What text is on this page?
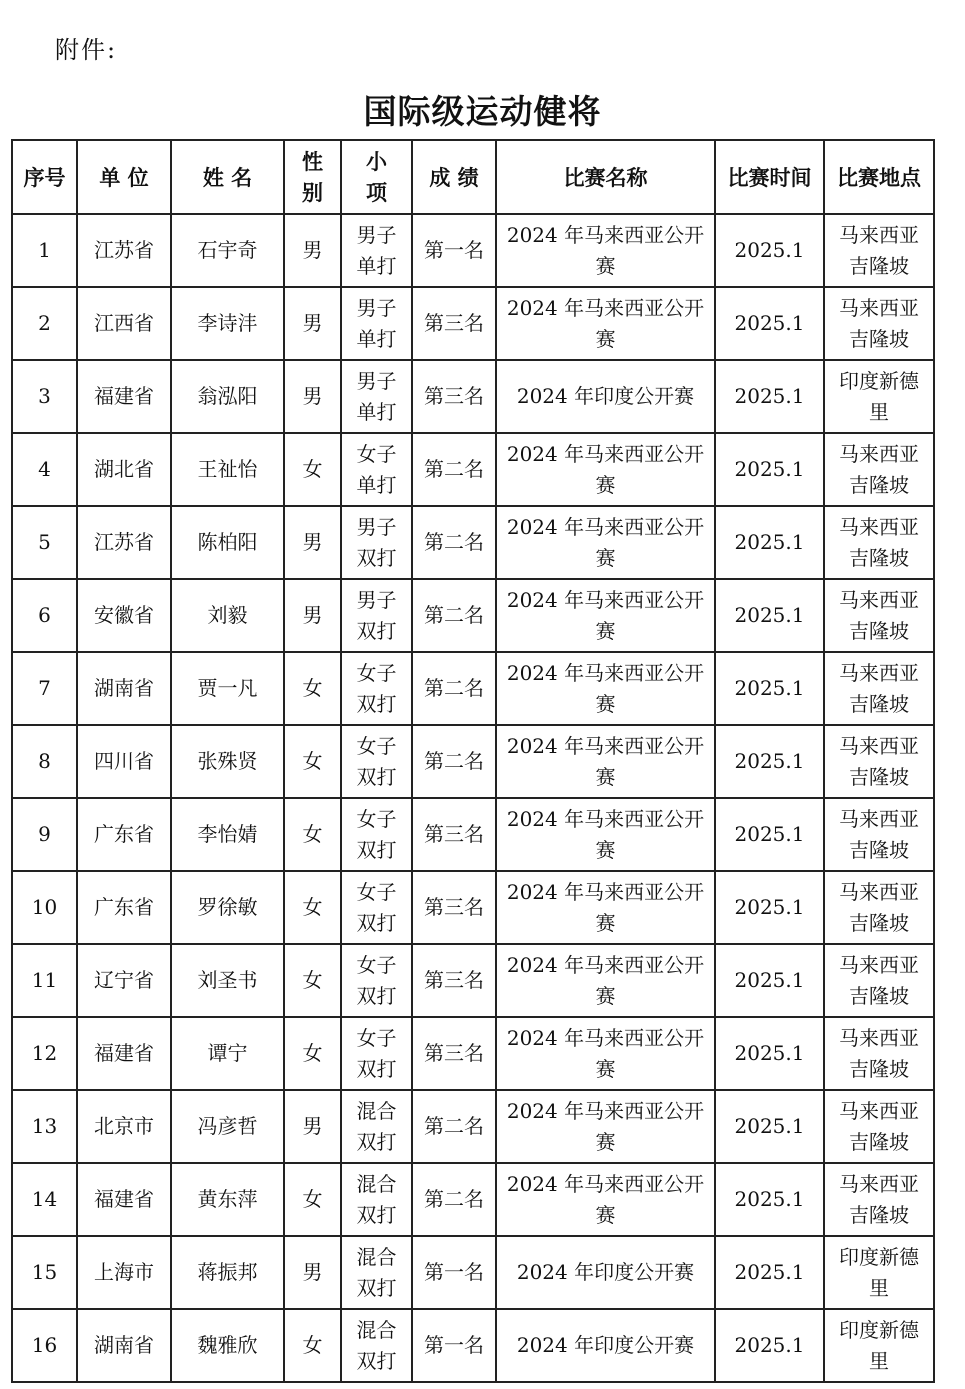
附件:
国际级运动健将
序号	单 位	姓 名	性别	小项	成 绩	比赛名称	比赛时间	比赛地点
1	江苏省	石宇奇	男	男子单打	第一名	2024 年马来西亚公开赛	2025.1	马来西亚吉隆坡
2	江西省	李诗沣	男	男子单打	第三名	2024 年马来西亚公开赛	2025.1	马来西亚吉隆坡
3	福建省	翁泓阳	男	男子单打	第三名	2024 年印度公开赛	2025.1	印度新德里
4	湖北省	王祉怡	女	女子单打	第二名	2024 年马来西亚公开赛	2025.1	马来西亚吉隆坡
5	江苏省	陈柏阳	男	男子双打	第二名	2024 年马来西亚公开赛	2025.1	马来西亚吉隆坡
6	安徽省	刘毅	男	男子双打	第二名	2024 年马来西亚公开赛	2025.1	马来西亚吉隆坡
7	湖南省	贾一凡	女	女子双打	第二名	2024 年马来西亚公开赛	2025.1	马来西亚吉隆坡
8	四川省	张殊贤	女	女子双打	第二名	2024 年马来西亚公开赛	2025.1	马来西亚吉隆坡
9	广东省	李怡婧	女	女子双打	第三名	2024 年马来西亚公开赛	2025.1	马来西亚吉隆坡
10	广东省	罗徐敏	女	女子双打	第三名	2024 年马来西亚公开赛	2025.1	马来西亚吉隆坡
11	辽宁省	刘圣书	女	女子双打	第三名	2024 年马来西亚公开赛	2025.1	马来西亚吉隆坡
12	福建省	谭宁	女	女子双打	第三名	2024 年马来西亚公开赛	2025.1	马来西亚吉隆坡
13	北京市	冯彦哲	男	混合双打	第二名	2024 年马来西亚公开赛	2025.1	马来西亚吉隆坡
14	福建省	黄东萍	女	混合双打	第二名	2024 年马来西亚公开赛	2025.1	马来西亚吉隆坡
15	上海市	蒋振邦	男	混合双打	第一名	2024 年印度公开赛	2025.1	印度新德里
16	湖南省	魏雅欣	女	混合双打	第一名	2024 年印度公开赛	2025.1	印度新德里
